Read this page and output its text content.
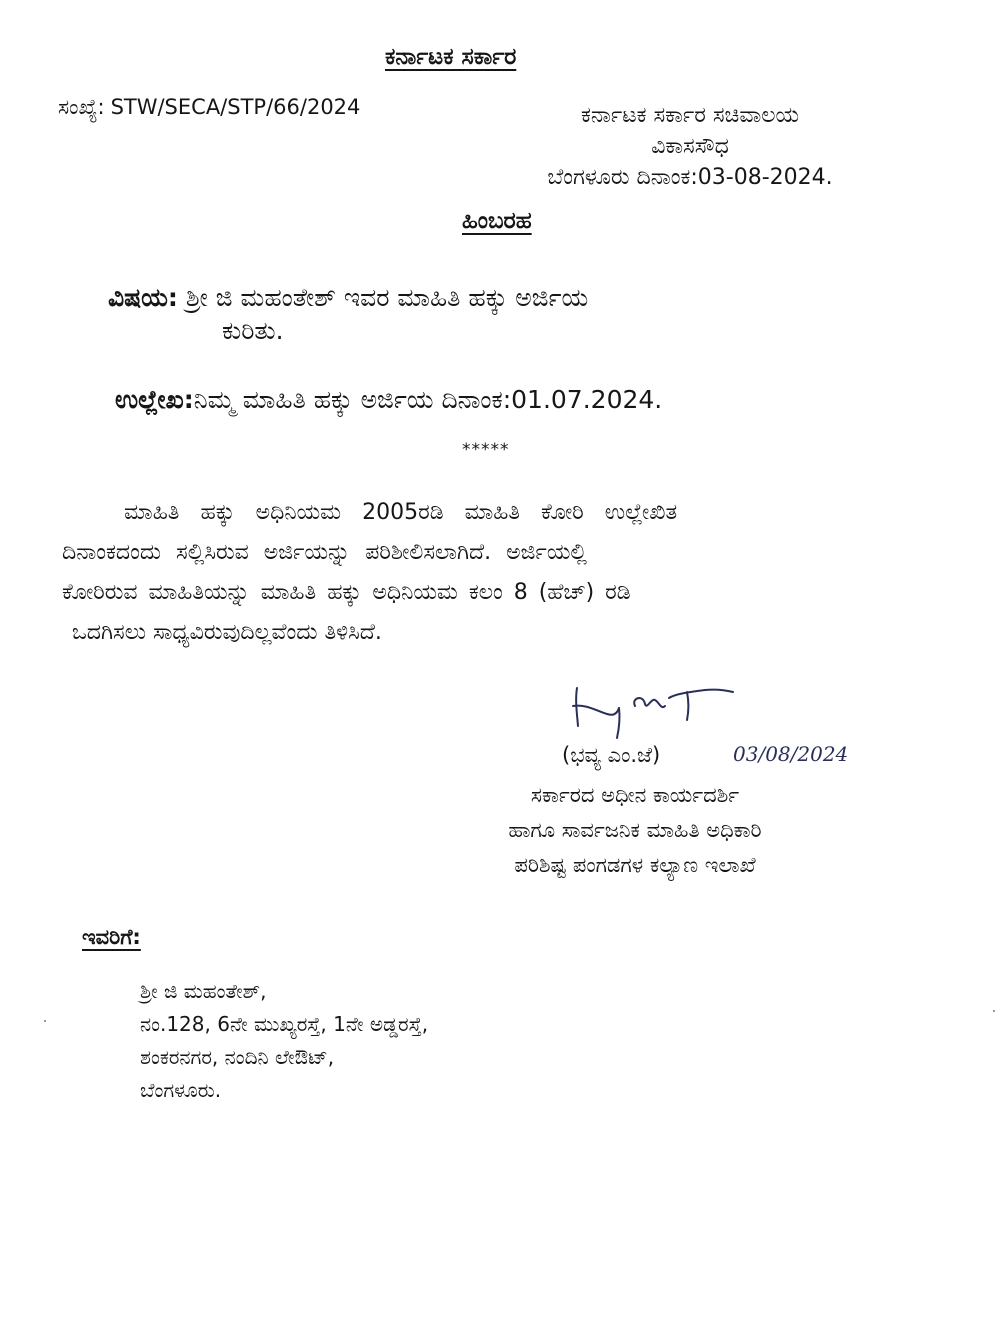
ಕರ್ನಾಟಕ ಸರ್ಕಾರ
ಸಂಖ್ಯೆ: STW/SECA/STP/66/2024	ಕರ್ನಾಟಕ ಸರ್ಕಾರ ಸಚಿವಾಲಯ
ವಿಕಾಸಸೌಧ
ಬೆಂಗಳೂರು ದಿನಾಂಕ:03-08-2024.
ಹಿಂಬರಹ
ವಿಷಯ: ಶ್ರೀ ಜಿ ಮಹಂತೇಶ್ ಇವರ ಮಾಹಿತಿ ಹಕ್ಕು ಅರ್ಜಿಯ
ಕುರಿತು.
ಉಲ್ಲೇಖ:ನಿಮ್ಮ ಮಾಹಿತಿ ಹಕ್ಕು ಅರ್ಜಿಯ ದಿನಾಂಕ:01.07.2024.
*****
ಮಾಹಿತಿ ಹಕ್ಕು ಅಧಿನಿಯಮ 2005ರಡಿ ಮಾಹಿತಿ ಕೋರಿ ಉಲ್ಲೇಖಿತ
ದಿನಾಂಕದಂದು ಸಲ್ಲಿಸಿರುವ ಅರ್ಜಿಯನ್ನು ಪರಿಶೀಲಿಸಲಾಗಿದೆ. ಅರ್ಜಿಯಲ್ಲಿ
ಕೋರಿರುವ ಮಾಹಿತಿಯನ್ನು ಮಾಹಿತಿ ಹಕ್ಕು ಅಧಿನಿಯಮ ಕಲಂ 8 (ಹೆಚ್) ರಡಿ
ಒದಗಿಸಲು ಸಾಧ್ಯವಿರುವುದಿಲ್ಲವೆಂದು ತಿಳಿಸಿದೆ.
(ಭವ್ಯ ಎಂ.ಜೆ)	03/08/2024
ಸರ್ಕಾರದ ಅಧೀನ ಕಾರ್ಯದರ್ಶಿ
ಹಾಗೂ ಸಾರ್ವಜನಿಕ ಮಾಹಿತಿ ಅಧಿಕಾರಿ
ಪರಿಶಿಷ್ಟ ಪಂಗಡಗಳ ಕಲ್ಯಾಣ ಇಲಾಖೆ
ಇವರಿಗೆ:
ಶ್ರೀ ಜಿ ಮಹಂತೇಶ್,
ನಂ.128, 6ನೇ ಮುಖ್ಯರಸ್ತೆ, 1ನೇ ಅಡ್ಡರಸ್ತೆ,
ಶಂಕರನಗರ, ನಂದಿನಿ ಲೇಔಟ್,
ಬೆಂಗಳೂರು.
